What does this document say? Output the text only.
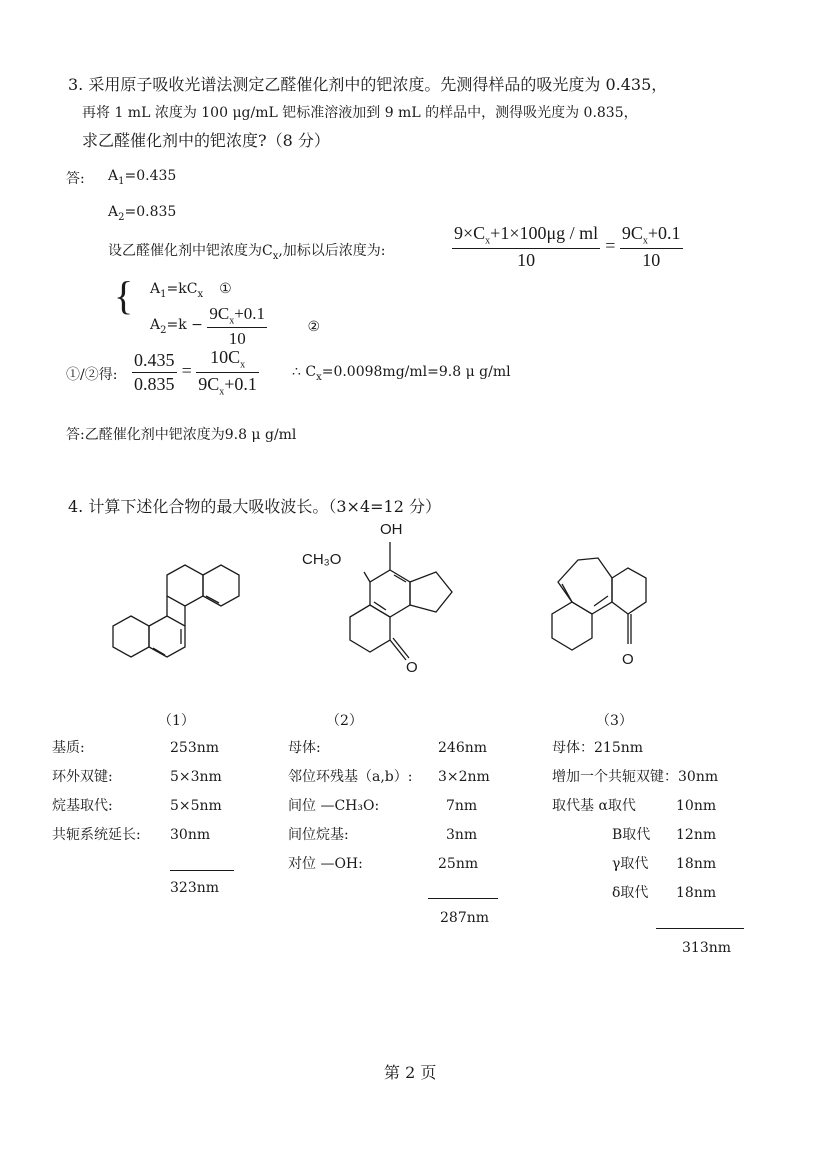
3. 采用原子吸收光谱法测定乙醛催化剂中的钯浓度。先测得样品的吸光度为 0.435，
再将 1 mL 浓度为 100 μg/mL 钯标准溶液加到 9 mL 的样品中，测得吸光度为 0.835，
求乙醛催化剂中的钯浓度?（8 分）
答: $A_1=0.435$
$A_2=0.835$
设乙醛催化剂中钯浓度为$C_x$,加标以后浓度为:	$\frac{9\times C_x+1\times 100\mu g / ml}{10} = \frac{9C_x+0.1}{10}$
{ $A_1=kC_x$ ①
$A_2=k - \frac{9C_x+0.1}{10}$	②
①/②得: $\frac{0.435}{0.835} = \frac{10C_x}{9C_x+0.1}$ ∴ $C_x=0.0098mg/ml=9.8$ μ g/ml
答:乙醛催化剂中钯浓度为9.8 μ g/ml
4. 计算下述化合物的最大吸收波长。（3×4=12 分）
OH
CH₃O
O	O
（1）	（2）	（3）
基质:	253nm
环外双键:	5×3nm
烷基取代:	5×5nm
共轭系统延长: 30nm
323nm
母体:	246nm
邻位环残基（a,b）: 3×2nm
间位 —CH₃O:	7nm
间位烷基:	3nm
对位 —OH:	25nm
287nm
母体：215nm
增加一个共轭双键：30nm
取代基 α取代	10nm
B取代 12nm
γ取代 18nm
δ取代 18nm
313nm
第 2 页
